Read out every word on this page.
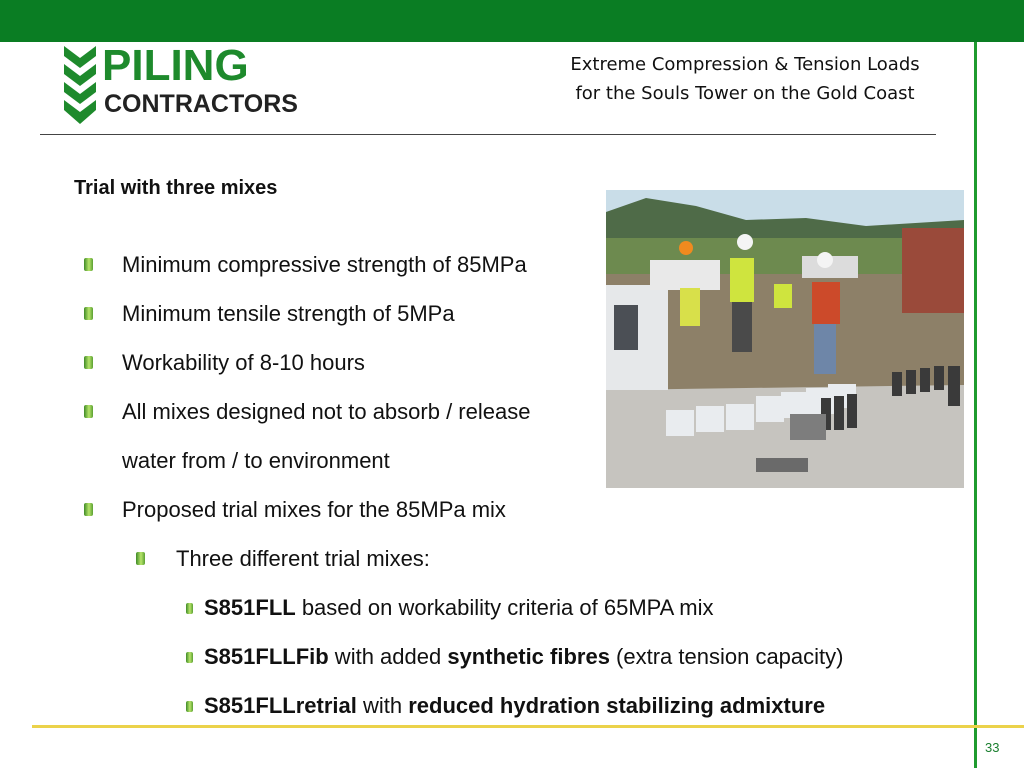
PILING
CONTRACTORS
Extreme Compression & Tension Loads
for the Souls Tower on the Gold Coast
Trial with three mixes
Minimum compressive strength of 85MPa
Minimum tensile strength of 5MPa
Workability of 8-10 hours
All mixes designed not to absorb / release
water from / to environment
Proposed trial mixes for the 85MPa mix
Three different trial mixes:
S851FLL based on workability criteria of 65MPA mix
S851FLLFib with added synthetic fibres (extra tension capacity)
S851FLLretrial with reduced hydration stabilizing admixture
33
